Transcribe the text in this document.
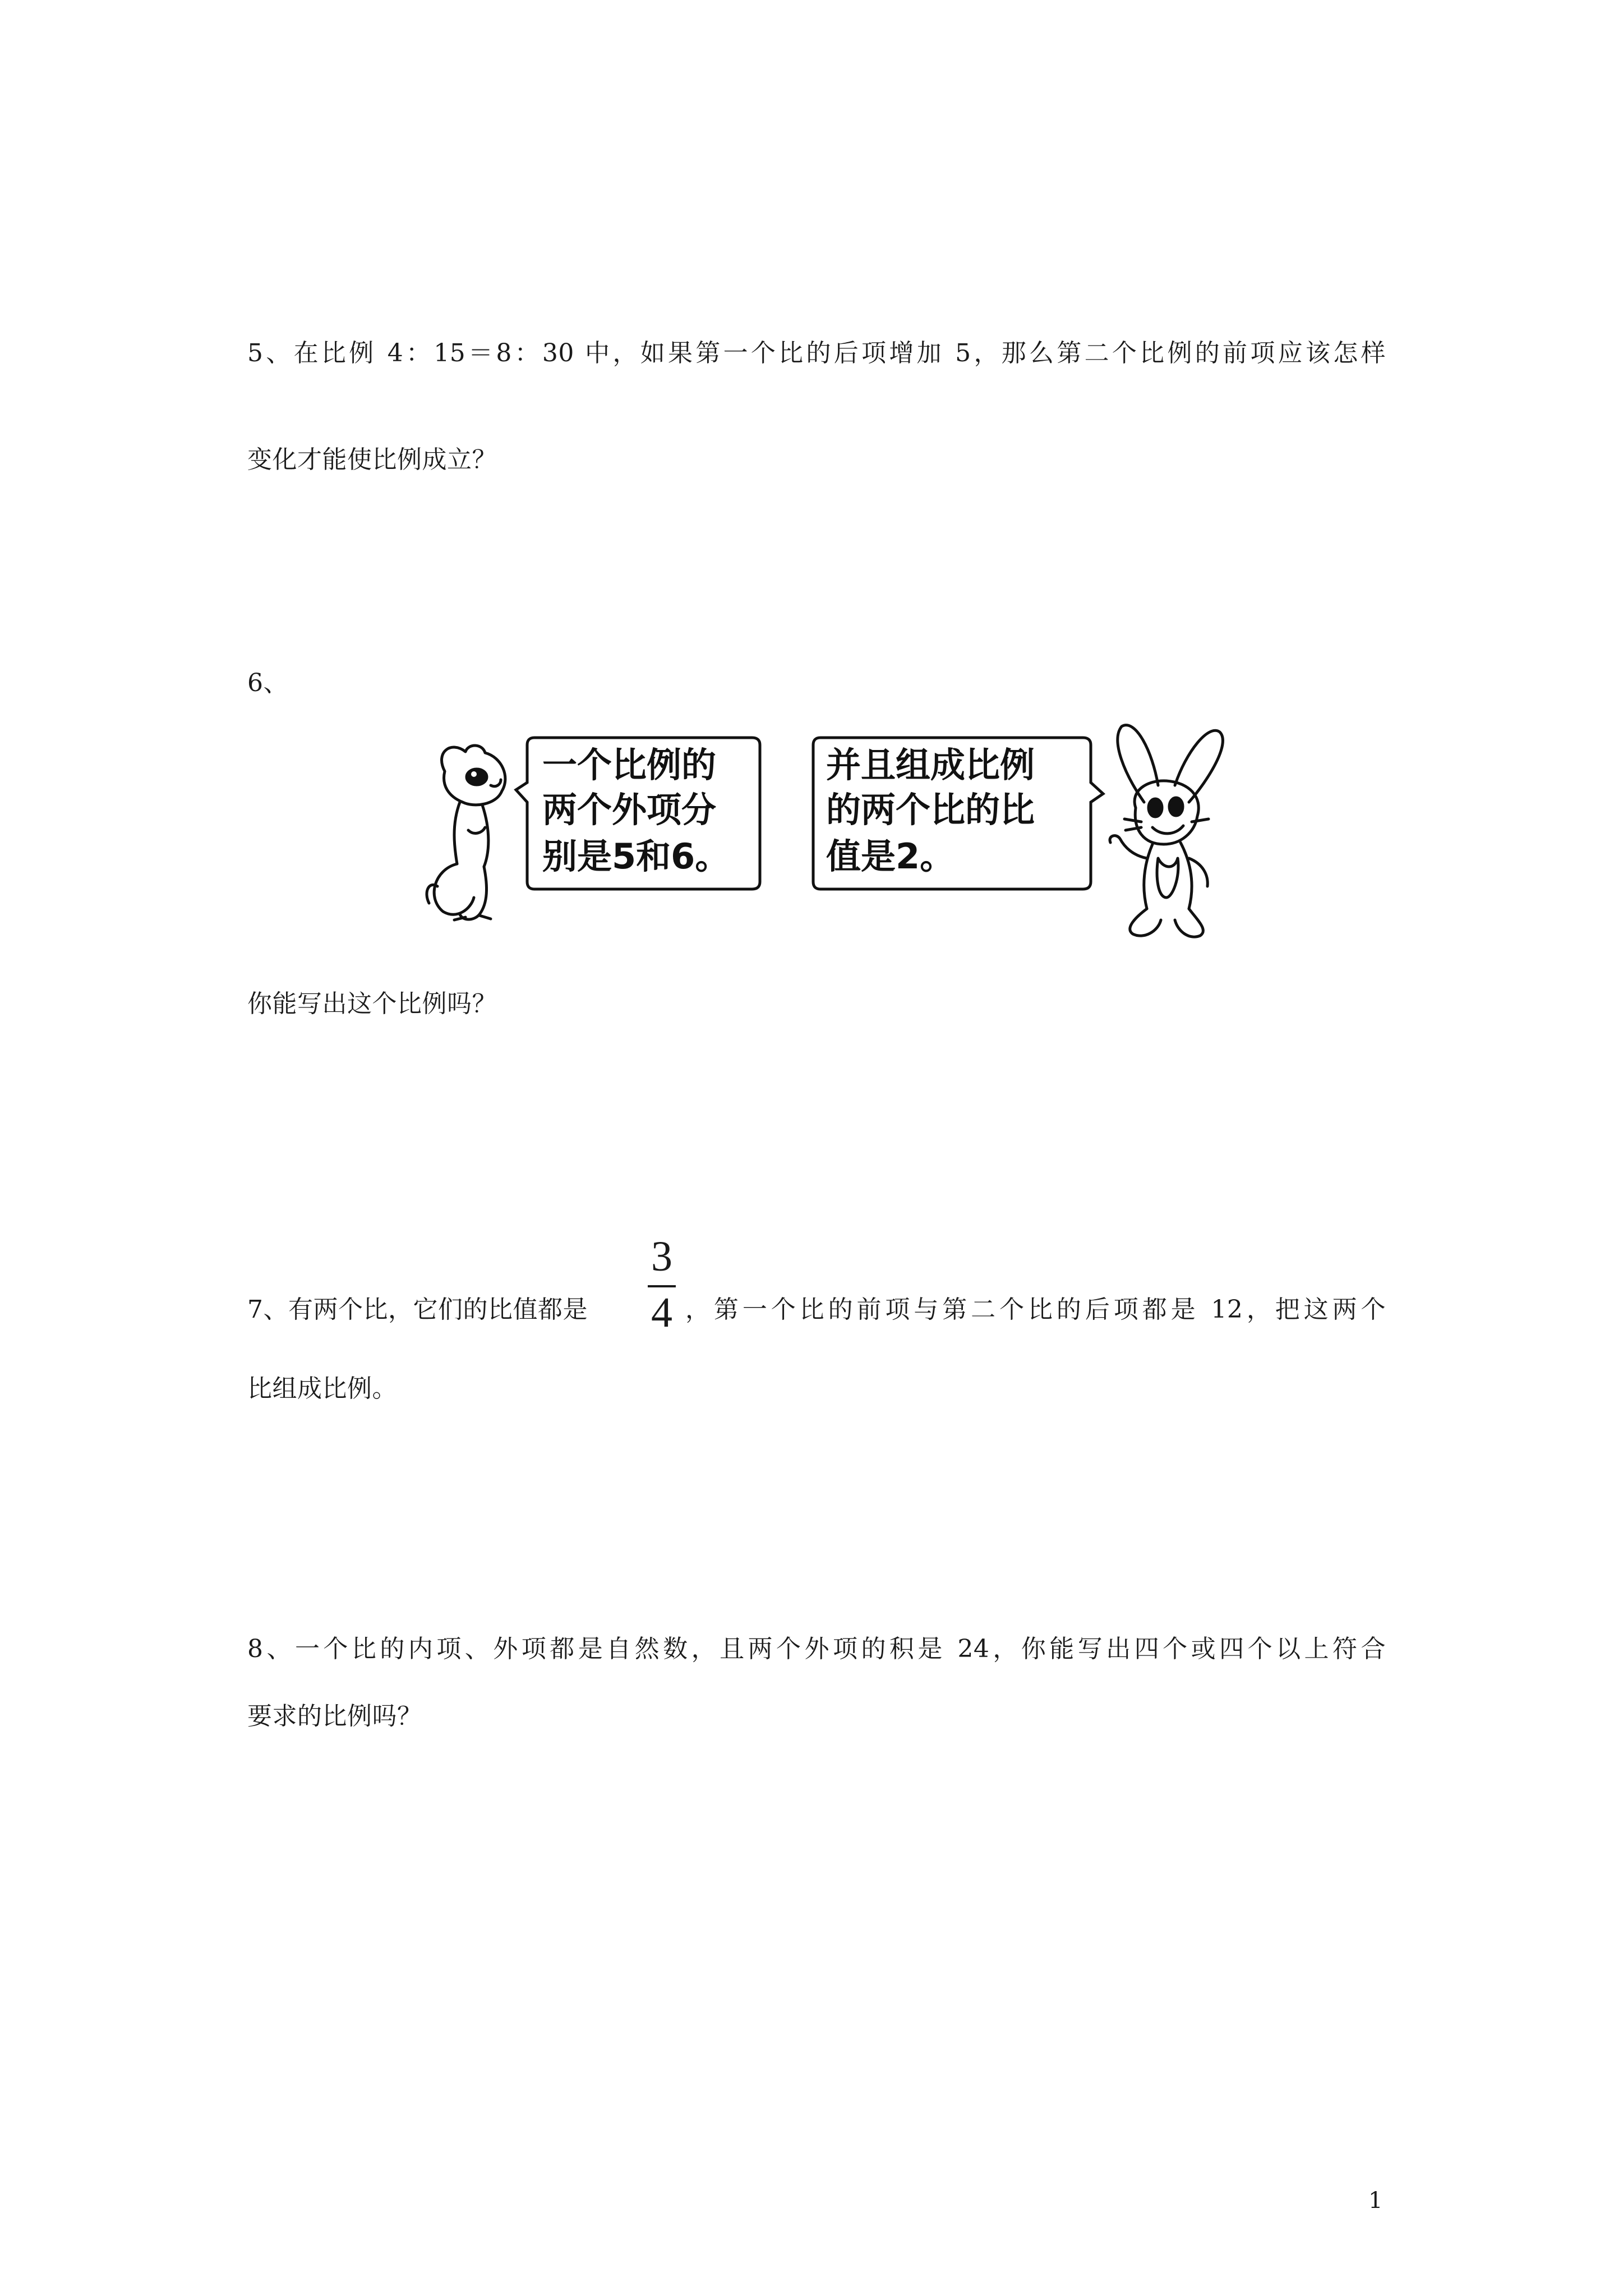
5、在比例 4：15＝8：30 中，如果第一个比的后项增加 5，那么第二个比例的前项应该怎样
变化才能使比例成立？
6、
一个比例的
两个外项分
别是5和6。
并且组成比例
的两个比的比
值是2。
你能写出这个比例吗？
7、有两个比，它们的比值都是
3
4 ，第一个比的前项与第二个比的后项都是 12，把这两个
比组成比例。
8、一个比的内项、外项都是自然数，且两个外项的积是 24，你能写出四个或四个以上符合
要求的比例吗？
1
